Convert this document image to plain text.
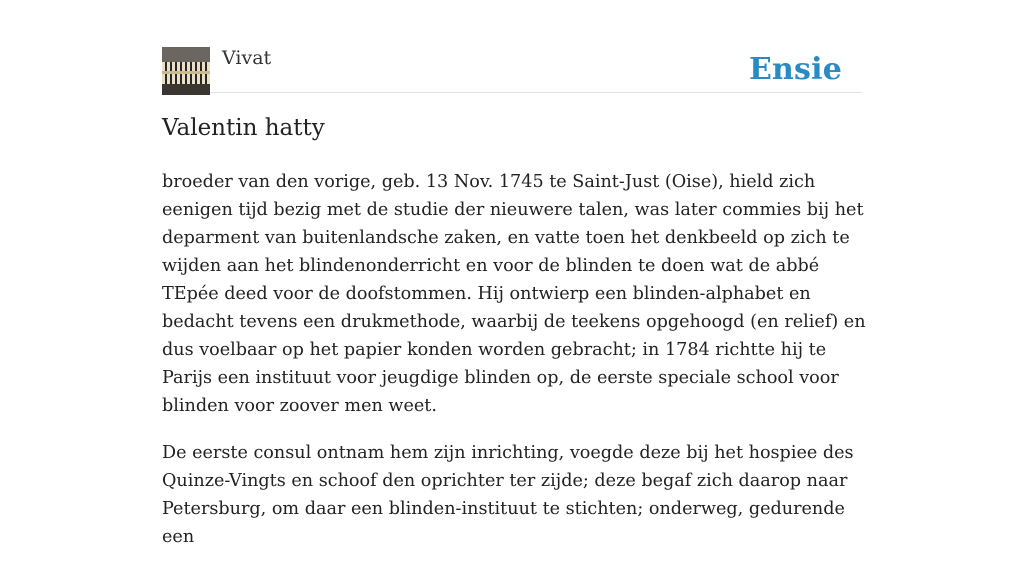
Vivat	Ensie
Valentin hatty

broeder van den vorige, geb. 13 Nov. 1745 te Saint-Just (Oise), hield zich eenigen tijd bezig met de studie der nieuwere talen, was later commies bij het deparment van buitenlandsche zaken, en vatte toen het denkbeeld op zich te wijden aan het blindenonderricht en voor de blinden te doen wat de abbé TEpée deed voor de doofstommen. Hij ontwierp een blinden-alphabet en bedacht tevens een drukmethode, waarbij de teekens opgehoogd (en relief) en dus voelbaar op het papier konden worden gebracht; in 1784 richtte hij te Parijs een instituut voor jeugdige blinden op, de eerste speciale school voor blinden voor zoover men weet.

De eerste consul ontnam hem zijn inrichting, voegde deze bij het hospiee des Quinze-Vingts en schoof den oprichter ter zijde; deze begaf zich daarop naar Petersburg, om daar een blinden-instituut te stichten; onderweg, gedurende een
